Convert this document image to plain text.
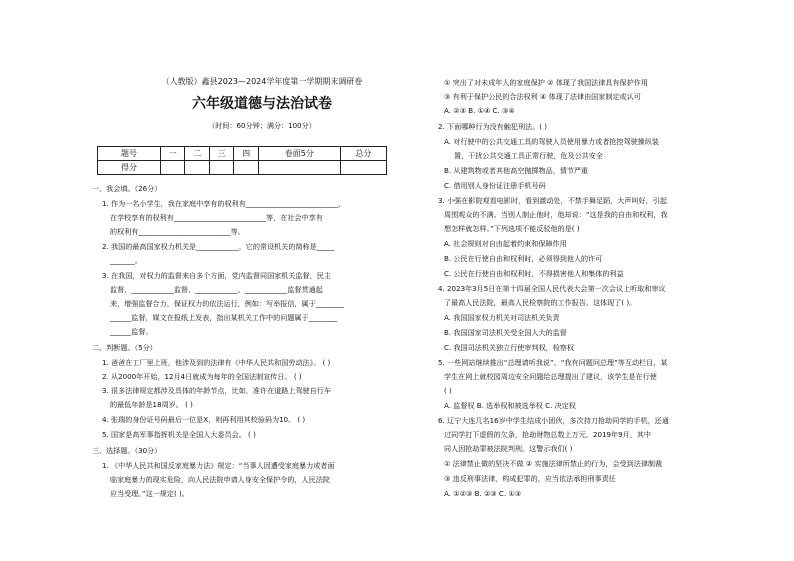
（人教版）鑫县2023—2024学年度第一学期期末调研卷
六年级道德与法治试卷
（时间：60分钟；满分：100分）
题号	一	二	三	四	卷面5分	总分
得分						
一、我会填。（26分）
1. 作为一名小学生，我在家庭中享有的权利有__________________________，
在学校享有的权利有__________________________等，在社会中享有
的权利有__________________________等。
2. 我国的最高国家权力机关是____________，它的常设机关的简称是_____
_______。
3. 在我国，对权力的监督来自多个方面，党内监督同国家机关监督，民主
监督、____________监督、____________、____________监督贯通起
来，增强监督合力，保证权力的依法运行，例如：写举报信，属于________
______监督，媒文在报纸上发表，指出某机关工作中的问题属于________
______监督。
二、判断题。（5分）
1. 爸爸在工厂里上班，他涉及到的法律有《中华人民共和国劳动法》。 ( )
2. 从2000年开始，12月4日就成为每年的全国法制宣传日。 ( )
3. 很多法律规定都涉及具体的年龄节点，比如，准许在道路上驾驶自行车
的最低年龄是18周岁。 ( )
4. 张瑞的身份证号码最后一位是X，则再利用其校验码为10。 ( )
5. 国家是高军事指挥机关是全国人大委员会。 ( )
三、选择题。（30分）
1. 《中华人民共和国反家庭暴力法》规定：“当事人因遭受家庭暴力或者面
临家庭暴力的现实危险，向人民法院申请人身安全保护令的，人民法院
应当受理。”这一规定( )。
① 突出了对未成年人的家庭保护 ② 体现了我国法律具有保护作用
③ 有利于保护公民的合法权利 ④ 体现了法律由国家制定或认可
A. ②③ B. ①④ C. ③④
2. 下面哪种行为没有触犯刑法。( )
A. 对行驶中的公共交通工具的驾驶人员使用暴力或者抢控驾驶操纵装
置，干扰公共交通工具正常行驶，危及公共安全
B. 从建筑物或者其他高空抛掷物品，情节严重
C. 借用别人身份证注册手机号码
3. 小强在影院观看电影时，看到激动处，不禁手舞足蹈，大声叫好，引起
周围观众的不满。当别人制止他时，他却说：“这是我的自由和权利，我
想怎样就怎样。”下列选项不能反驳他的是( )
A. 社会规则对自由起着约束和保障作用
B. 公民在行使自由和权利时，必须得到他人的许可
C. 公民在行使自由和权利时，不得损害他人和集体的利益
4. 2023年3月5日在第十四届全国人民代表大会第一次会议上听取和审议
了最高人民法院，最高人民检察院的工作报告。这体现了( )。
A. 我国国家权力机关对司法机关负责
B. 我国国家司法机关受全国人大的监督
C. 我国司法机关独立行使审判权，检察权
5. 一些网站继续推出“总理请听我说”、“我有问题问总理”等互动栏目，某
学生在网上就校园周边安全问题给总理提出了建议，该学生是在行使
( )
A. 监督权 B. 选举权和被选举权 C. 决定权
6. 辽宁大连几名16岁中学生结成小团伙，多次持刀抢劫同学的手机，还通
过同学打下虚假的欠条，抢劫财物总数上万元，2019年9月，其中
同人因抢劫罪被法院判刑。这警示我们( )
① 法律禁止做的坚决不做 ② 实施法律所禁止的行为，会受到法律制裁
③ 违反刑事法律，构成犯罪的，应当依法承担刑事责任
A. ①②③ B. ②③ C. ①③
